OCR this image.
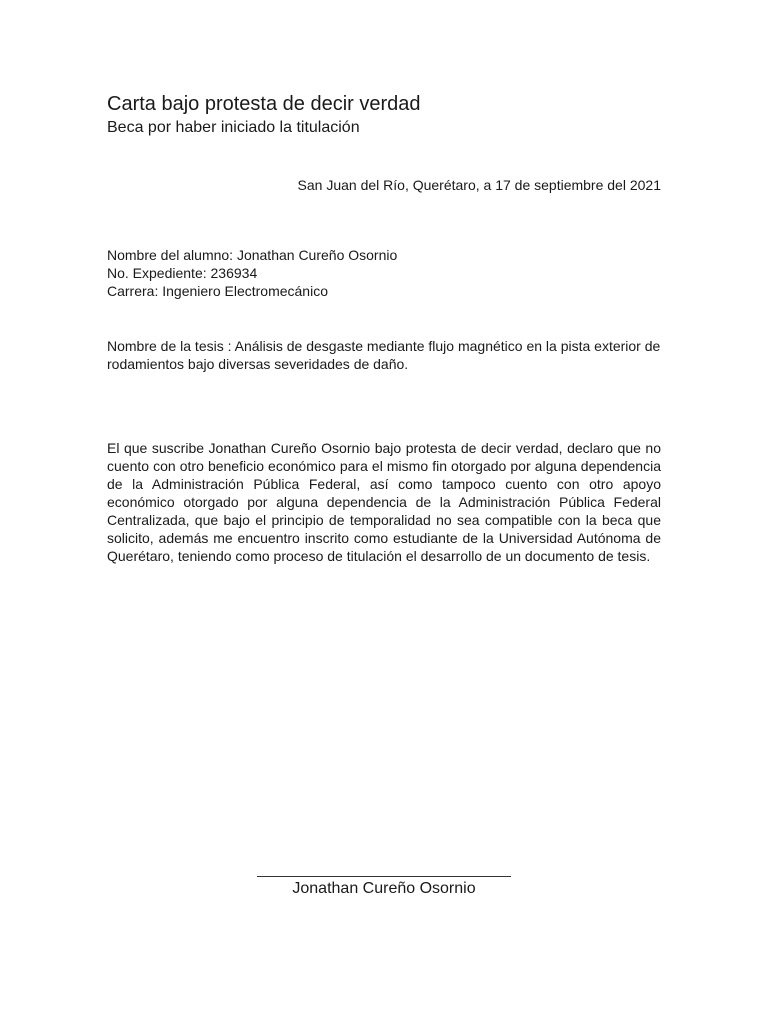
Carta bajo protesta de decir verdad
Beca por haber iniciado la titulación
San Juan del Río, Querétaro, a 17 de septiembre del 2021
Nombre del alumno: Jonathan Cureño Osornio
No. Expediente: 236934
Carrera: Ingeniero Electromecánico
Nombre de la tesis : Análisis de desgaste mediante flujo magnético en la pista exterior de rodamientos bajo diversas severidades de daño.
El que suscribe Jonathan Cureño Osornio bajo protesta de decir verdad, declaro que no cuento con otro beneficio económico para el mismo fin otorgado por alguna dependencia de la Administración Pública Federal, así como tampoco cuento con otro apoyo económico otorgado por alguna dependencia de la Administración Pública Federal Centralizada, que bajo el principio de temporalidad no sea compatible con la beca que solicito, además me encuentro inscrito como estudiante de la Universidad Autónoma de Querétaro, teniendo como proceso de titulación el desarrollo de un documento de tesis.
Jonathan Cureño Osornio
